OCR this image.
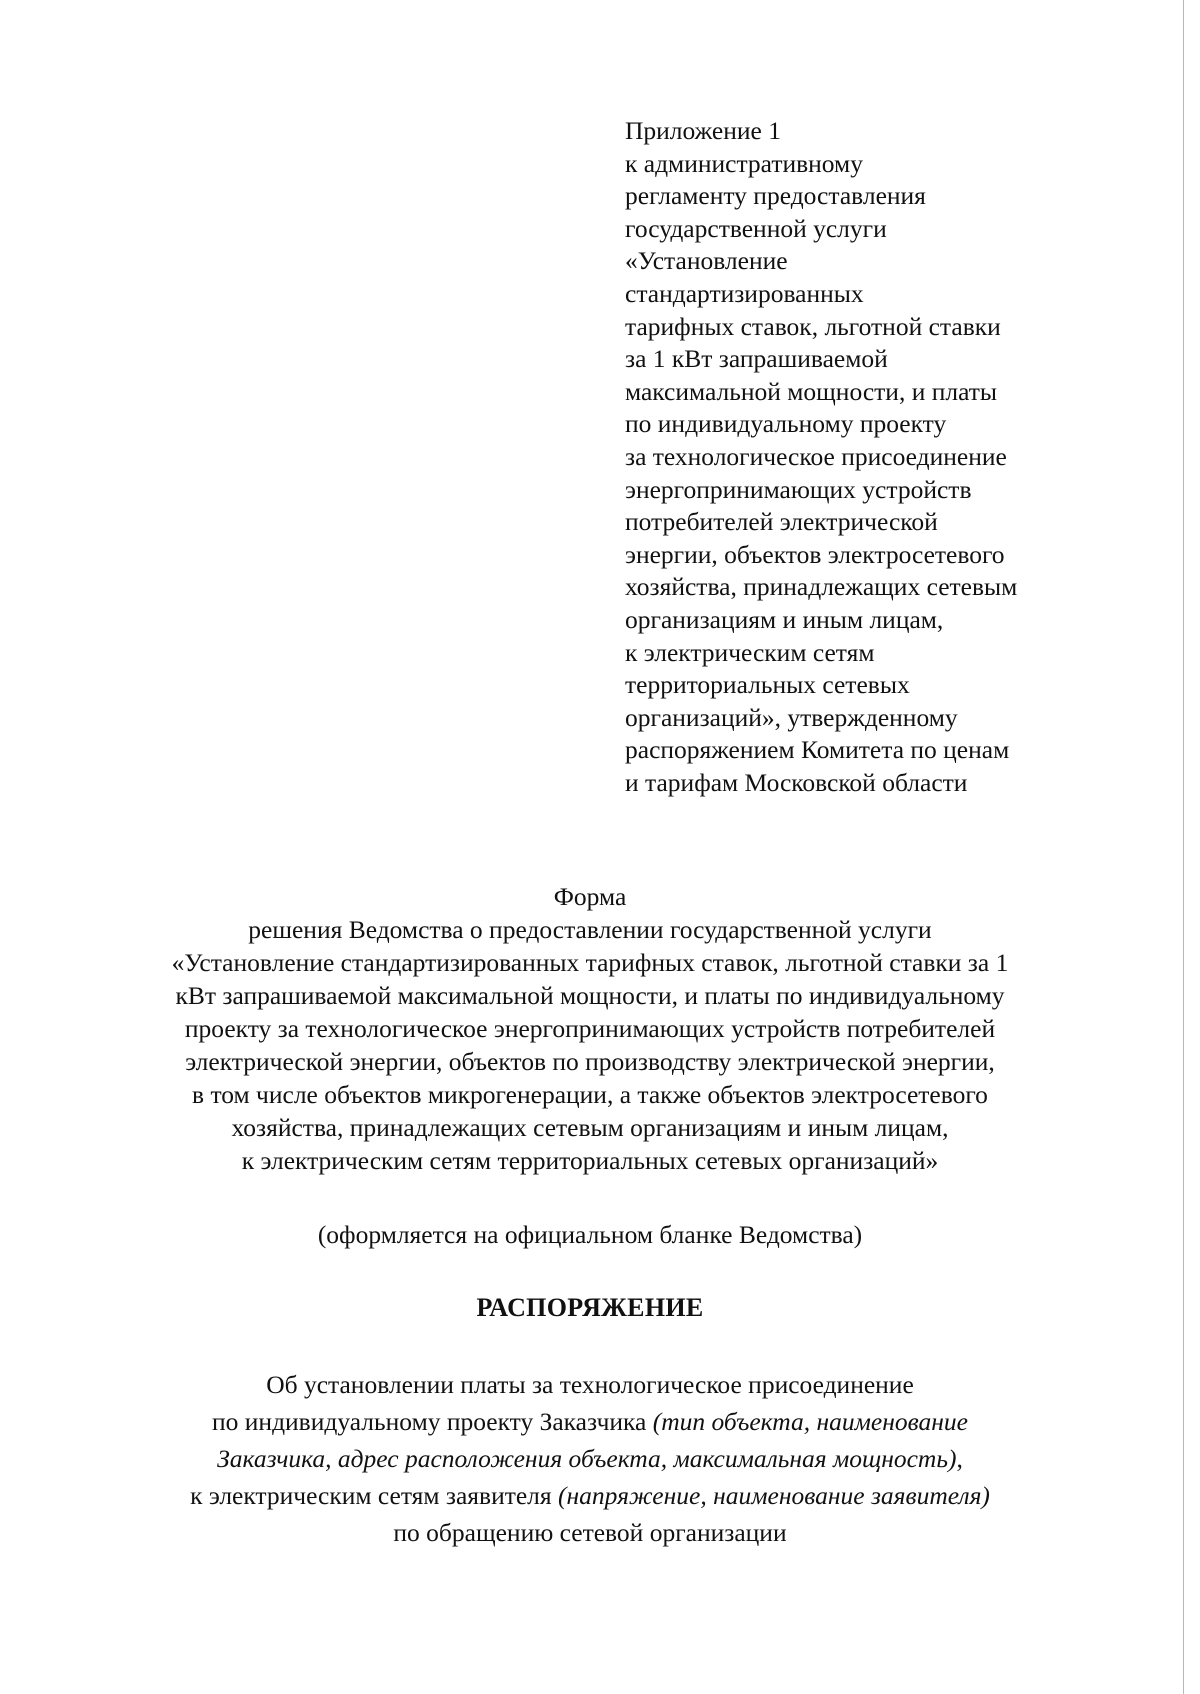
Приложение 1
к административному
регламенту предоставления
государственной услуги
«Установление
стандартизированных
тарифных ставок, льготной ставки
за 1 кВт запрашиваемой
максимальной мощности, и платы
по индивидуальному проекту
за технологическое присоединение
энергопринимающих устройств
потребителей электрической
энергии, объектов электросетевого
хозяйства, принадлежащих сетевым
организациям и иным лицам,
к электрическим сетям
территориальных сетевых
организаций», утвержденному
распоряжением Комитета по ценам
и тарифам Московской области
Форма
решения Ведомства о предоставлении государственной услуги
«Установление стандартизированных тарифных ставок, льготной ставки за 1
кВт запрашиваемой максимальной мощности, и платы по индивидуальному
проекту за технологическое энергопринимающих устройств потребителей
электрической энергии, объектов по производству электрической энергии,
в том числе объектов микрогенерации, а также объектов электросетевого
хозяйства, принадлежащих сетевым организациям и иным лицам,
к электрическим сетям территориальных сетевых организаций»
(оформляется на официальном бланке Ведомства)
РАСПОРЯЖЕНИЕ
Об установлении платы за технологическое присоединение
по индивидуальному проекту Заказчика (тип объекта, наименование
Заказчика, адрес расположения объекта, максимальная мощность),
к электрическим сетям заявителя (напряжение, наименование заявителя)
по обращению сетевой организации
